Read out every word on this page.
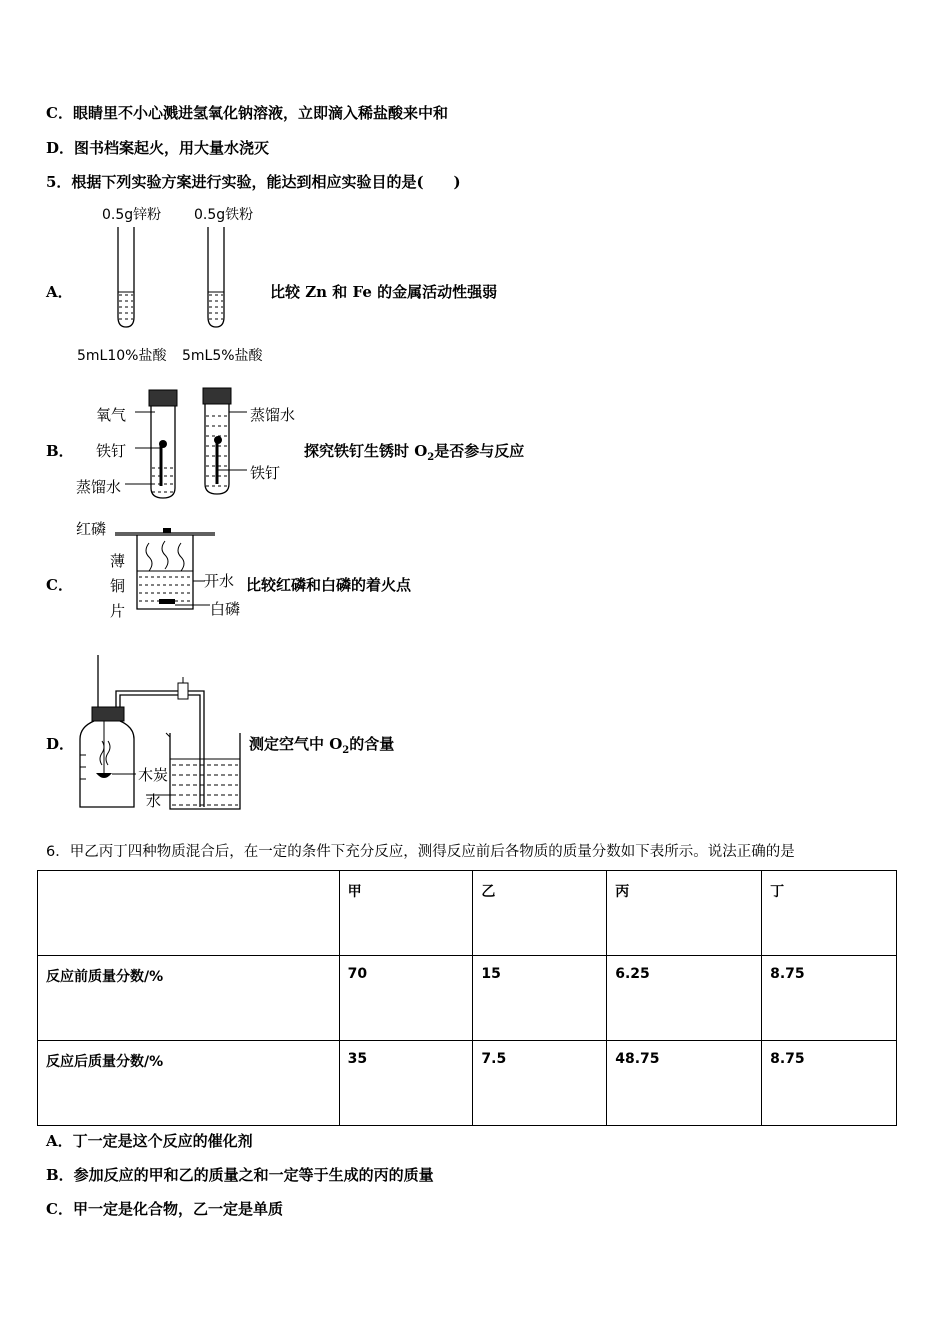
C．眼睛里不小心溅进氢氧化钠溶液，立即滴入稀盐酸来中和
D．图书档案起火，用大量水浇灭
5．根据下列实验方案进行实验，能达到相应实验目的是(　　)
A．
0.5g锌粉 0.5g铁粉
比较 Zn 和 Fe 的金属活动性强弱
5mL10%盐酸 5mL5%盐酸
B．
氧气
铁钉
蒸馏水
蒸馏水
铁钉
探究铁钉生锈时 $O_2$是否参与反应
C．
红磷
薄
铜
片
开水
白磷
比较红磷和白磷的着火点
D．
木炭
水
测定空气中 $O_2$的含量
6．甲乙丙丁四种物质混合后，在一定的条件下充分反应，测得反应前后各物质的质量分数如下表所示。说法正确的是
	甲	乙	丙	丁
反应前质量分数/%	70	15	6.25	8.75
反应后质量分数/%	35	7.5	48.75	8.75
A．丁一定是这个反应的催化剂
B．参加反应的甲和乙的质量之和一定等于生成的丙的质量
C．甲一定是化合物，乙一定是单质
